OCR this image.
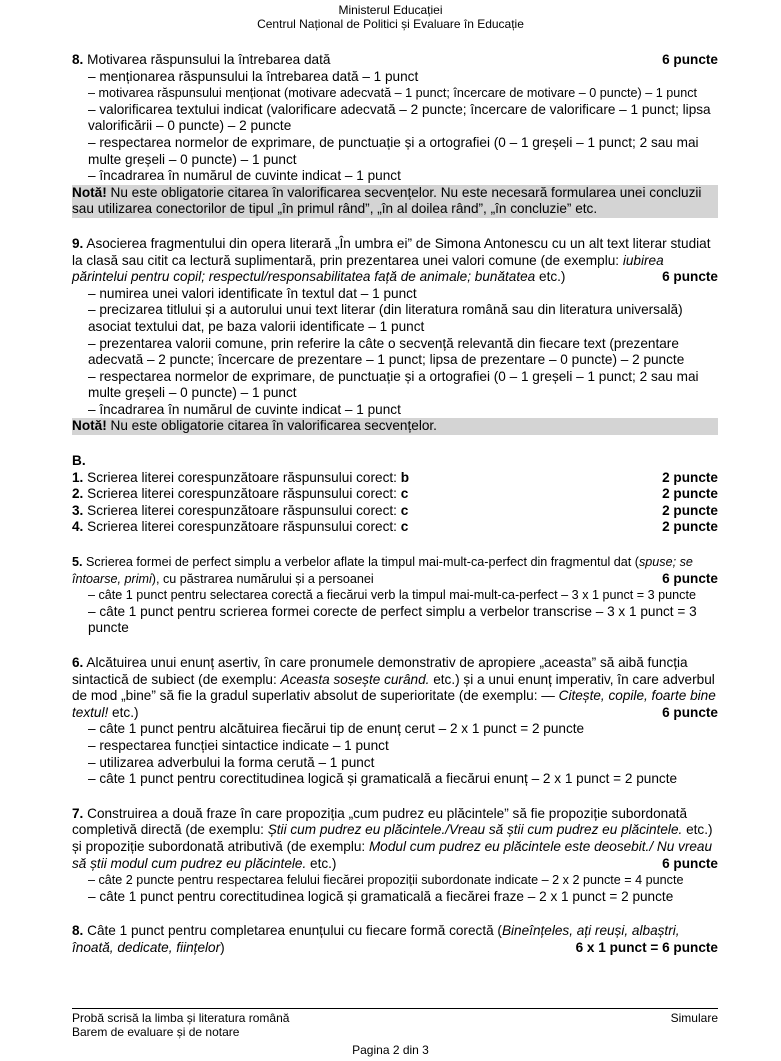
Ministerul Educației
Centrul Național de Politici și Evaluare în Educație
8. Motivarea răspunsului la întrebarea dată	6 puncte
– menționarea răspunsului la întrebarea dată – 1 punct
– motivarea răspunsului menționat (motivare adecvată – 1 punct; încercare de motivare – 0 puncte) – 1 punct
– valorificarea textului indicat (valorificare adecvată – 2 puncte; încercare de valorificare – 1 punct; lipsa valorificării – 0 puncte) – 2 puncte
– respectarea normelor de exprimare, de punctuație și a ortografiei (0 – 1 greșeli – 1 punct; 2 sau mai multe greșeli – 0 puncte) – 1 punct
– încadrarea în numărul de cuvinte indicat – 1 punct
Notă! Nu este obligatorie citarea în valorificarea secvențelor. Nu este necesară formularea unei concluzii sau utilizarea conectorilor de tipul „în primul rând”, „în al doilea rând”, „în concluzie” etc.
9. Asocierea fragmentului din opera literară „În umbra ei” de Simona Antonescu cu un alt text literar studiat la clasă sau citit ca lectură suplimentară, prin prezentarea unei valori comune (de exemplu: iubirea părintelui pentru copil; respectul/responsabilitatea față de animale; bunătatea etc.)	6 puncte
– numirea unei valori identificate în textul dat – 1 punct
– precizarea titlului și a autorului unui text literar (din literatura română sau din literatura universală) asociat textului dat, pe baza valorii identificate – 1 punct
– prezentarea valorii comune, prin referire la câte o secvență relevantă din fiecare text (prezentare adecvată – 2 puncte; încercare de prezentare – 1 punct; lipsa de prezentare – 0 puncte) – 2 puncte
– respectarea normelor de exprimare, de punctuație și a ortografiei (0 – 1 greșeli – 1 punct; 2 sau mai multe greșeli – 0 puncte) – 1 punct
– încadrarea în numărul de cuvinte indicat – 1 punct
Notă! Nu este obligatorie citarea în valorificarea secvențelor.
B.
1. Scrierea literei corespunzătoare răspunsului corect: b	2 puncte
2. Scrierea literei corespunzătoare răspunsului corect: c	2 puncte
3. Scrierea literei corespunzătoare răspunsului corect: c	2 puncte
4. Scrierea literei corespunzătoare răspunsului corect: c	2 puncte
5. Scrierea formei de perfect simplu a verbelor aflate la timpul mai-mult-ca-perfect din fragmentul dat (spuse; se întoarse, primi), cu păstrarea numărului și a persoanei	6 puncte
– câte 1 punct pentru selectarea corectă a fiecărui verb la timpul mai-mult-ca-perfect – 3 x 1 punct = 3 puncte
– câte 1 punct pentru scrierea formei corecte de perfect simplu a verbelor transcrise – 3 x 1 punct = 3 puncte
6. Alcătuirea unui enunț asertiv, în care pronumele demonstrativ de apropiere „aceasta” să aibă funcția sintactică de subiect (de exemplu: Aceasta sosește curând. etc.) și a unui enunț imperativ, în care adverbul de mod „bine” să fie la gradul superlativ absolut de superioritate (de exemplu: — Citește, copile, foarte bine textul! etc.)	6 puncte
– câte 1 punct pentru alcătuirea fiecărui tip de enunț cerut – 2 x 1 punct = 2 puncte
– respectarea funcției sintactice indicate – 1 punct
– utilizarea adverbului la forma cerută – 1 punct
– câte 1 punct pentru corectitudinea logică și gramaticală a fiecărui enunț – 2 x 1 punct = 2 puncte
7. Construirea a două fraze în care propoziția „cum pudrez eu plăcintele” să fie propoziție subordonată completivă directă (de exemplu: Știi cum pudrez eu plăcintele./Vreau să știi cum pudrez eu plăcintele. etc.) și propoziție subordonată atributivă (de exemplu: Modul cum pudrez eu plăcintele este deosebit./ Nu vreau să știi modul cum pudrez eu plăcintele. etc.)	6 puncte
– câte 2 puncte pentru respectarea felului fiecărei propoziții subordonate indicate – 2 x 2 puncte = 4 puncte
– câte 1 punct pentru corectitudinea logică și gramaticală a fiecărei fraze – 2 x 1 punct = 2 puncte
8. Câte 1 punct pentru completarea enunțului cu fiecare formă corectă (Bineînțeles, ați reuși, albaștri, înoată, dedicate, ființelor)	6 x 1 punct = 6 puncte
Probă scrisă la limba și literatura română
Barem de evaluare și de notare
Simulare
Pagina 2 din 3
